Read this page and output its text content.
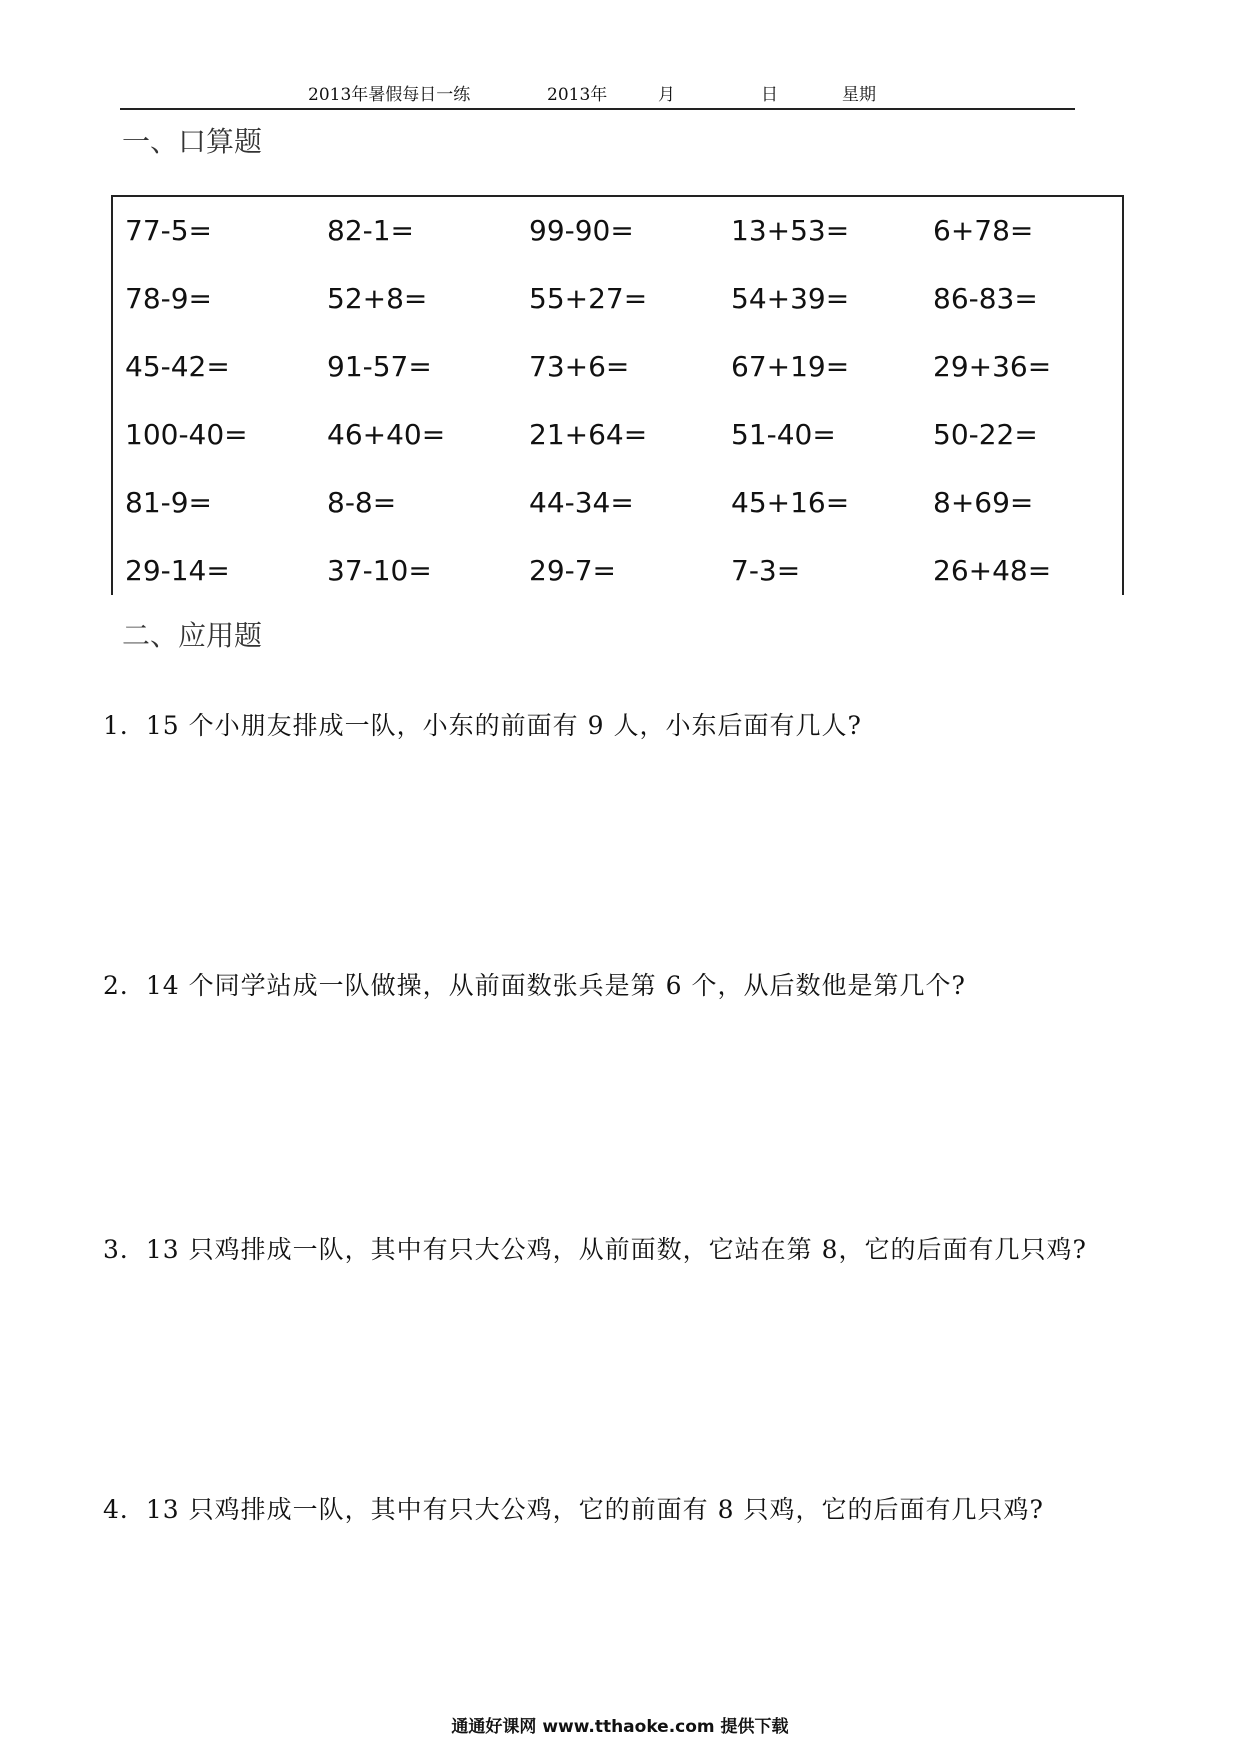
2013年暑假每日一练	2013年	月	日	星期
一、口算题
77-5=	82-1=	99-90=	13+53=	6+78=
78-9=	52+8=	55+27=	54+39=	86-83=
45-42=	91-57=	73+6=	67+19=	29+36=
100-40=	46+40=	21+64=	51-40=	50-22=
81-9=	8-8=	44-34=	45+16=	8+69=
29-14=	37-10=	29-7=	7-3=	26+48=
二、应用题
1．15 个小朋友排成一队，小东的前面有 9 人，小东后面有几人?
2．14 个同学站成一队做操，从前面数张兵是第 6 个，从后数他是第几个?
3．13 只鸡排成一队，其中有只大公鸡，从前面数，它站在第 8，它的后面有几只鸡?
4．13 只鸡排成一队，其中有只大公鸡，它的前面有 8 只鸡，它的后面有几只鸡?
通通好课网 www.tthaoke.com 提供下载
